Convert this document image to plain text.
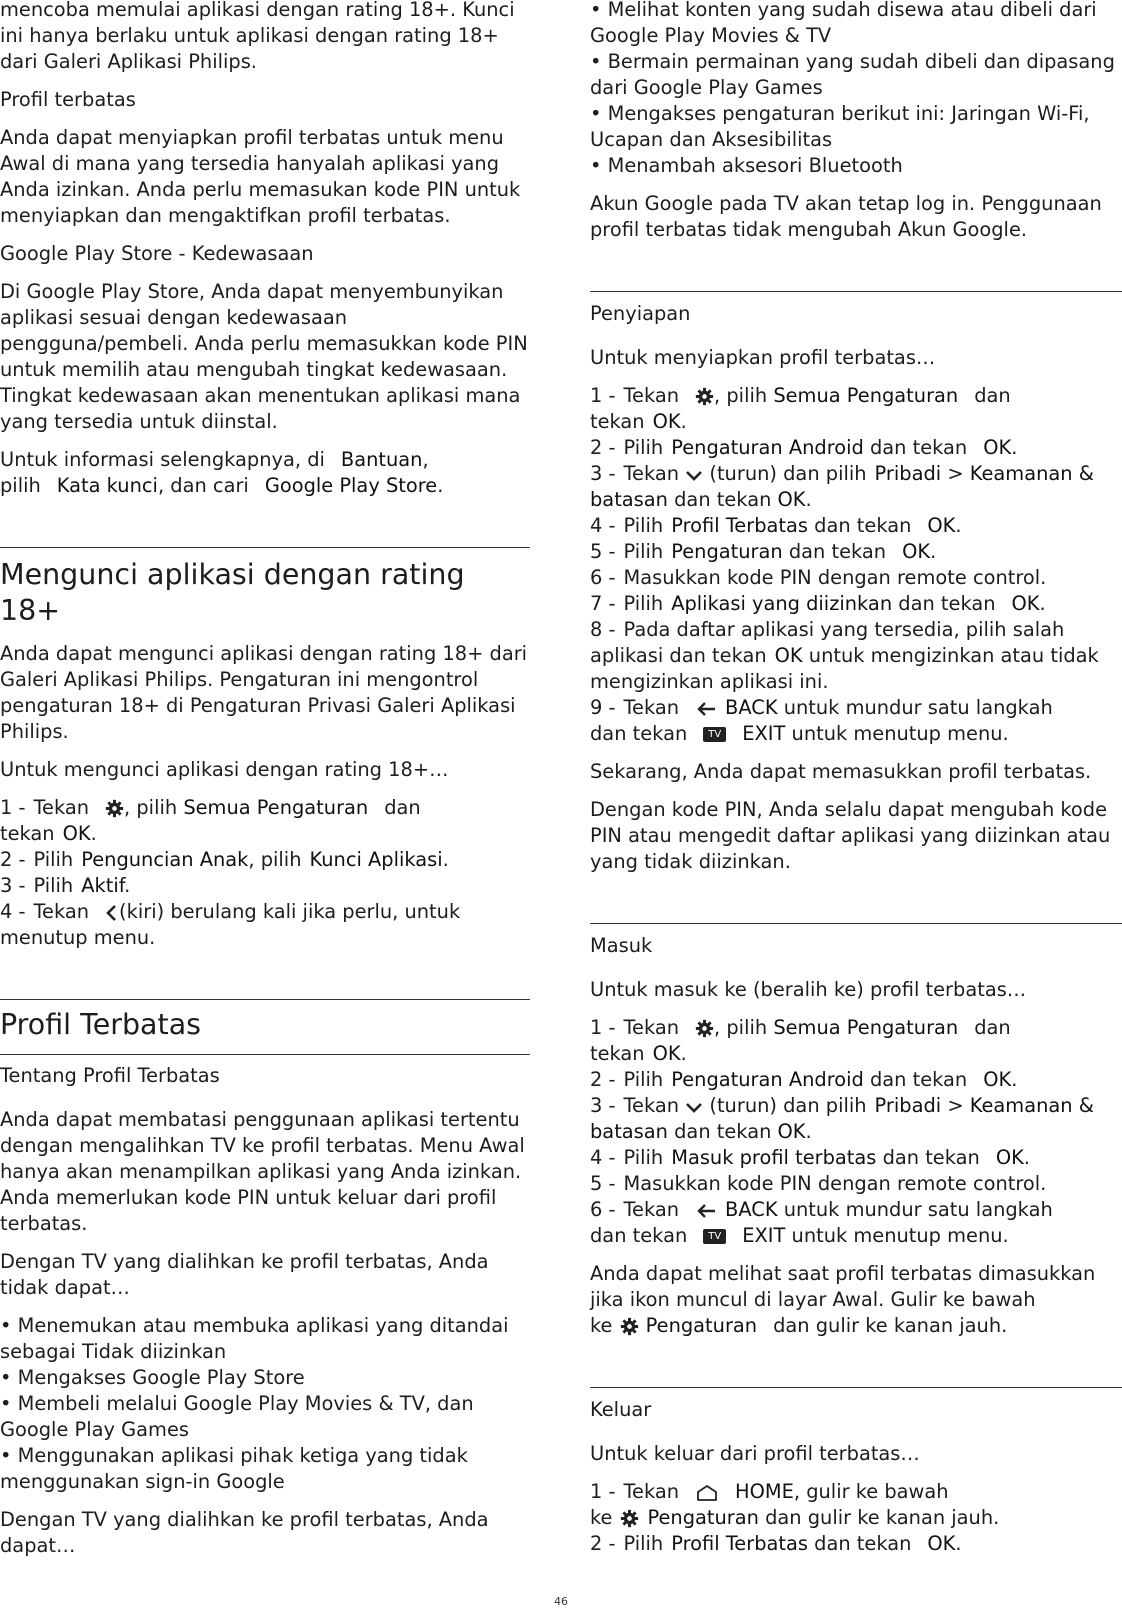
mencoba memulai aplikasi dengan rating 18+. Kunci ini hanya berlaku untuk aplikasi dengan rating 18+ dari Galeri Aplikasi Philips.

Profil terbatas

Anda dapat menyiapkan profil terbatas untuk menu Awal di mana yang tersedia hanyalah aplikasi yang Anda izinkan. Anda perlu memasukan kode PIN untuk menyiapkan dan mengaktifkan profil terbatas.

Google Play Store - Kedewasaan

Di Google Play Store, Anda dapat menyembunyikan aplikasi sesuai dengan kedewasaan pengguna/pembeli. Anda perlu memasukkan kode PIN untuk memilih atau mengubah tingkat kedewasaan. Tingkat kedewasaan akan menentukan aplikasi mana yang tersedia untuk diinstal.

Untuk informasi selengkapnya, di Bantuan,

pilih Kata kunci, dan cari Google Play Store.

Mengunci aplikasi dengan rating 18+

Anda dapat mengunci aplikasi dengan rating 18+ dari Galeri Aplikasi Philips. Pengaturan ini mengontrol pengaturan 18+ di Pengaturan Privasi Galeri Aplikasi Philips.

Untuk mengunci aplikasi dengan rating 18+…

1 - Tekan , pilih Semua Pengaturan dan

tekan OK.

2 - Pilih Penguncian Anak, pilih Kunci Aplikasi.

3 - Pilih Aktif.

4 - Tekan (kiri) berulang kali jika perlu, untuk

menutup menu.

Profil Terbatas
Tentang Profil Terbatas

Anda dapat membatasi penggunaan aplikasi tertentu dengan mengalihkan TV ke profil terbatas. Menu Awal hanya akan menampilkan aplikasi yang Anda izinkan. Anda memerlukan kode PIN untuk keluar dari profil terbatas.

Dengan TV yang dialihkan ke profil terbatas, Anda tidak dapat…

• Menemukan atau membuka aplikasi yang ditandai sebagai Tidak diizinkan

• Mengakses Google Play Store

• Membeli melalui Google Play Movies & TV, dan Google Play Games

• Menggunakan aplikasi pihak ketiga yang tidak menggunakan sign-in Google

Dengan TV yang dialihkan ke profil terbatas, Anda dapat…

• Melihat konten yang sudah disewa atau dibeli dari Google Play Movies & TV

• Bermain permainan yang sudah dibeli dan dipasang dari Google Play Games

• Mengakses pengaturan berikut ini: Jaringan Wi-Fi, Ucapan dan Aksesibilitas

• Menambah aksesori Bluetooth

Akun Google pada TV akan tetap log in. Penggunaan profil terbatas tidak mengubah Akun Google.

Penyiapan

Untuk menyiapkan profil terbatas…

1 - Tekan , pilih Semua Pengaturan dan

tekan OK.

2 - Pilih Pengaturan Android dan tekan OK.

3 - Tekan (turun) dan pilih Pribadi > Keamanan &

batasan dan tekan OK.

4 - Pilih Profil Terbatas dan tekan OK.

5 - Pilih Pengaturan dan tekan OK.

6 - Masukkan kode PIN dengan remote control.

7 - Pilih Aplikasi yang diizinkan dan tekan OK.

8 - Pada daftar aplikasi yang tersedia, pilih salah

aplikasi dan tekan OK untuk mengizinkan atau tidak

mengizinkan aplikasi ini.

9 - Tekan BACK untuk mundur satu langkah

dan tekan TV EXIT untuk menutup menu.

Sekarang, Anda dapat memasukkan profil terbatas.

Dengan kode PIN, Anda selalu dapat mengubah kode PIN atau mengedit daftar aplikasi yang diizinkan atau yang tidak diizinkan.

Masuk

Untuk masuk ke (beralih ke) profil terbatas…

1 - Tekan , pilih Semua Pengaturan dan

tekan OK.

2 - Pilih Pengaturan Android dan tekan OK.

3 - Tekan (turun) dan pilih Pribadi > Keamanan &

batasan dan tekan OK.

4 - Pilih Masuk profil terbatas dan tekan OK.

5 - Masukkan kode PIN dengan remote control.

6 - Tekan BACK untuk mundur satu langkah

dan tekan TV EXIT untuk menutup menu.

Anda dapat melihat saat profil terbatas dimasukkan jika ikon muncul di layar Awal. Gulir ke bawah
ke Pengaturan dan gulir ke kanan jauh.

Keluar

Untuk keluar dari profil terbatas…

1 - Tekan	HOME, gulir ke bawah

ke Pengaturan dan gulir ke kanan jauh.

2 - Pilih Profil Terbatas dan tekan OK.

46
